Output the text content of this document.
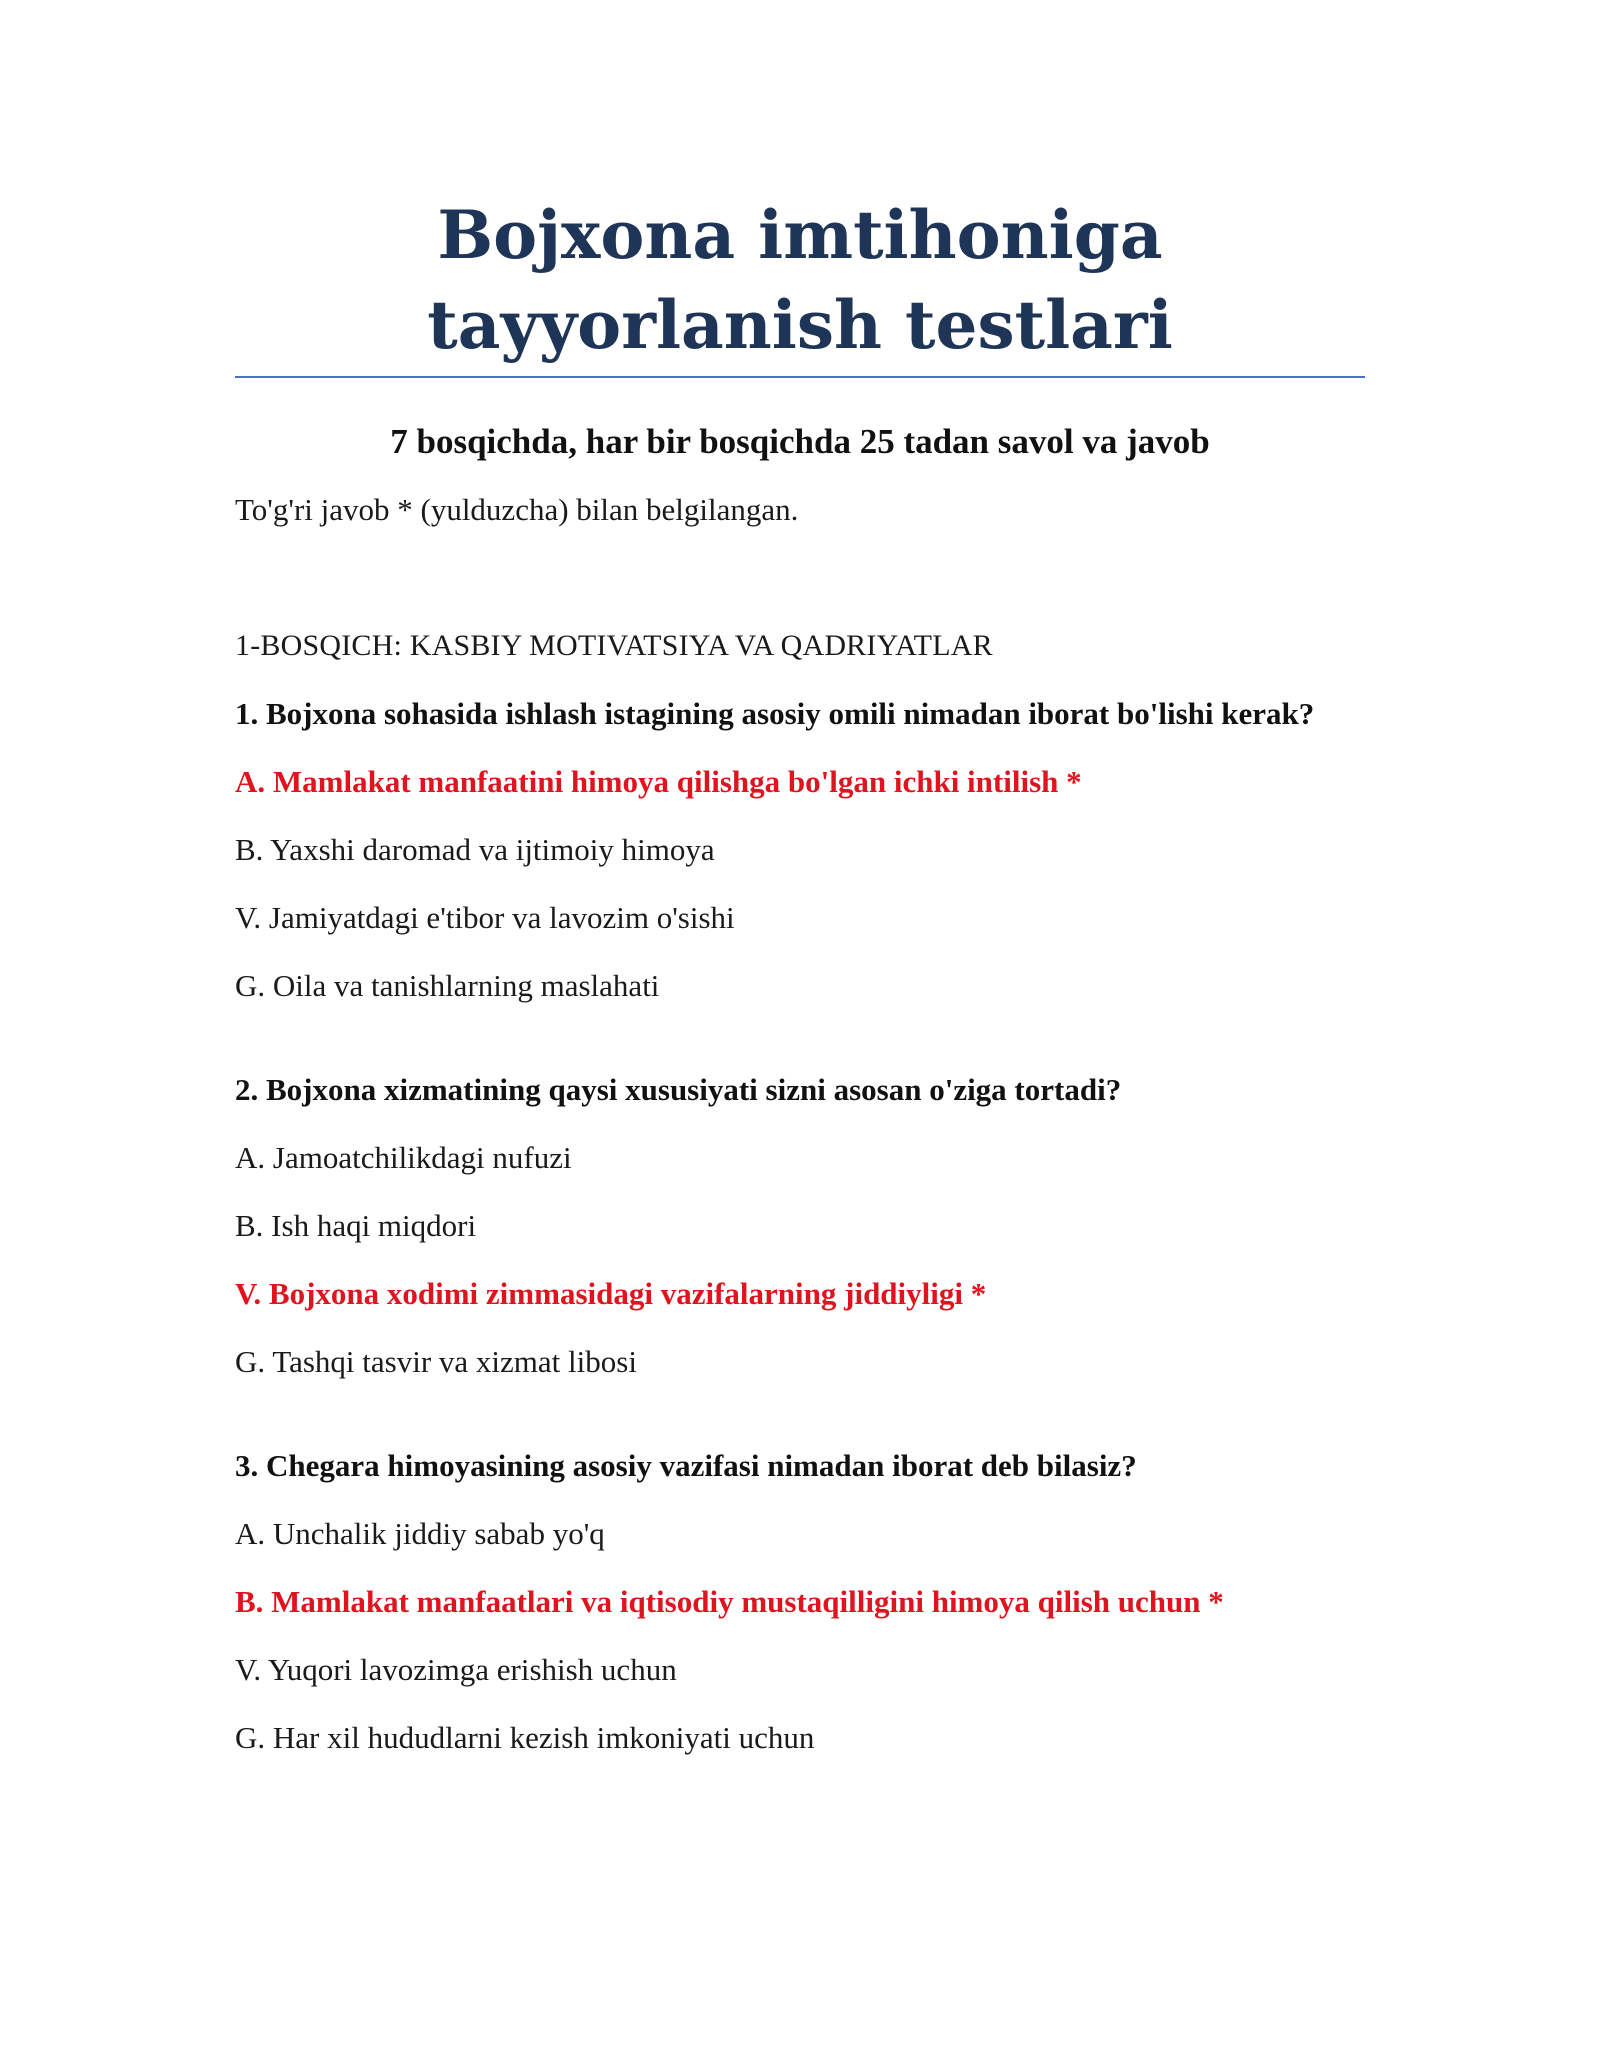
Bojxona imtihoniga
tayyorlanish testlari

7 bosqichda, har bir bosqichda 25 tadan savol va javob

To'g'ri javob * (yulduzcha) bilan belgilangan.

1-BOSQICH: KASBIY MOTIVATSIYA VA QADRIYATLAR

1. Bojxona sohasida ishlash istagining asosiy omili nimadan iborat bo'lishi kerak?

A. Mamlakat manfaatini himoya qilishga bo'lgan ichki intilish *

B. Yaxshi daromad va ijtimoiy himoya

V. Jamiyatdagi e'tibor va lavozim o'sishi

G. Oila va tanishlarning maslahati

2. Bojxona xizmatining qaysi xususiyati sizni asosan o'ziga tortadi?

A. Jamoatchilikdagi nufuzi

B. Ish haqi miqdori

V. Bojxona xodimi zimmasidagi vazifalarning jiddiyligi *

G. Tashqi tasvir va xizmat libosi

3. Chegara himoyasining asosiy vazifasi nimadan iborat deb bilasiz?

A. Unchalik jiddiy sabab yo'q

B. Mamlakat manfaatlari va iqtisodiy mustaqilligini himoya qilish uchun *

V. Yuqori lavozimga erishish uchun

G. Har xil hududlarni kezish imkoniyati uchun
